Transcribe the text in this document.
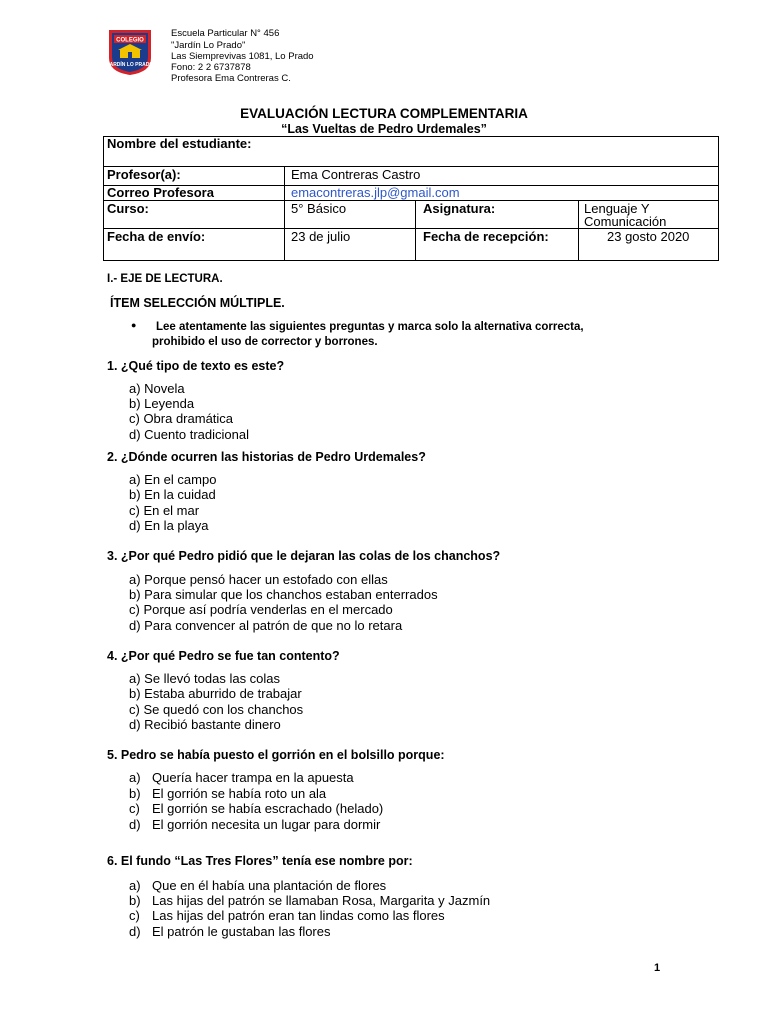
COLEGIO
JARDÍN LO PRADO
Escuela Particular N° 456
"Jardín Lo Prado"
Las Siemprevivas 1081, Lo Prado
Fono: 2 2 6737878
Profesora Ema Contreras C.
EVALUACIÓN LECTURA COMPLEMENTARIA
“Las Vueltas de Pedro Urdemales”
Nombre del estudiante:
Profesor(a):	Ema Contreras Castro
Correo Profesora	emacontreras.jlp@gmail.com
Curso:	5° Básico	Asignatura:	Lenguaje Y
Comunicación
Fecha de envío:	23 de julio	Fecha de recepción:	23 gosto 2020
I.- EJE DE LECTURA.
ÍTEM SELECCIÓN MÚLTIPLE.
● Lee atentamente las siguientes preguntas y marca solo la alternativa correcta,
prohibido el uso de corrector y borrones.
1. ¿Qué tipo de texto es este?
a) Novela
b) Leyenda
c) Obra dramática
d) Cuento tradicional
2. ¿Dónde ocurren las historias de Pedro Urdemales?
a) En el campo
b) En la cuidad
c) En el mar
d) En la playa
3. ¿Por qué Pedro pidió que le dejaran las colas de los chanchos?
a) Porque pensó hacer un estofado con ellas
b) Para simular que los chanchos estaban enterrados
c) Porque así podría venderlas en el mercado
d) Para convencer al patrón de que no lo retara
4. ¿Por qué Pedro se fue tan contento?
a) Se llevó todas las colas
b) Estaba aburrido de trabajar
c) Se quedó con los chanchos
d) Recibió bastante dinero
5. Pedro se había puesto el gorrión en el bolsillo porque:
a) Quería hacer trampa en la apuesta
b) El gorrión se había roto un ala
c) El gorrión se había escrachado (helado)
d) El gorrión necesita un lugar para dormir
6. El fundo “Las Tres Flores” tenía ese nombre por:
a) Que en él había una plantación de flores
b) Las hijas del patrón se llamaban Rosa, Margarita y Jazmín
c) Las hijas del patrón eran tan lindas como las flores
d) El patrón le gustaban las flores
1
